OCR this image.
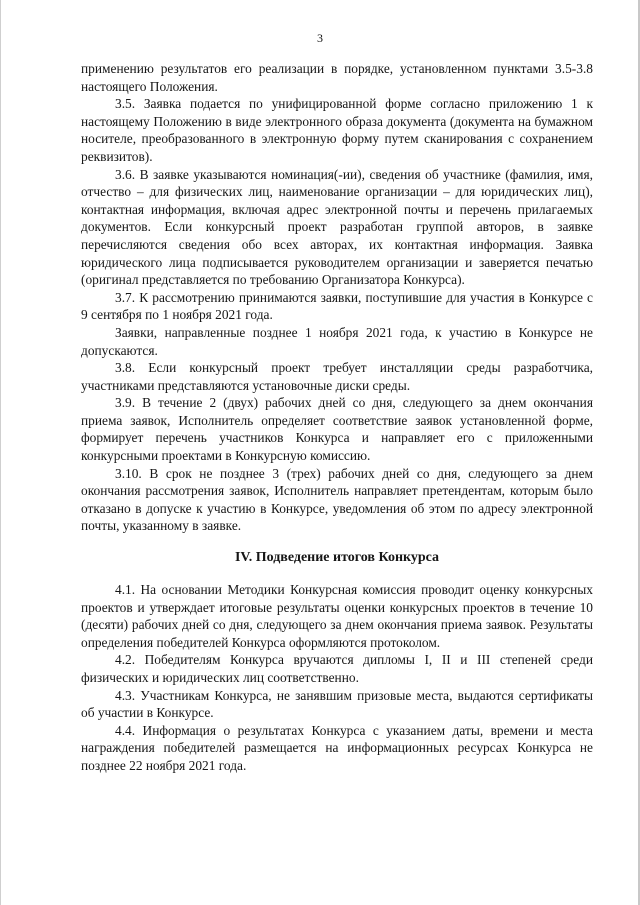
3

применению результатов его реализации в порядке, установленном пунктами 3.5-3.8 настоящего Положения.

3.5. Заявка подается по унифицированной форме согласно приложению 1 к настоящему Положению в виде электронного образа документа (документа на бумажном носителе, преобразованного в электронную форму путем сканирования с сохранением реквизитов).

3.6. В заявке указываются номинация(-ии), сведения об участнике (фамилия, имя, отчество – для физических лиц, наименование организации – для юридических лиц), контактная информация, включая адрес электронной почты и перечень прилагаемых документов. Если конкурсный проект разработан группой авторов, в заявке перечисляются сведения обо всех авторах, их контактная информация. Заявка юридического лица подписывается руководителем организации и заверяется печатью (оригинал представляется по требованию Организатора Конкурса).

3.7. К рассмотрению принимаются заявки, поступившие для участия в Конкурсе с 9 сентября по 1 ноября 2021 года.

Заявки, направленные позднее 1 ноября 2021 года, к участию в Конкурсе не допускаются.

3.8. Если конкурсный проект требует инсталляции среды разработчика, участниками представляются установочные диски среды.

3.9. В течение 2 (двух) рабочих дней со дня, следующего за днем окончания приема заявок, Исполнитель определяет соответствие заявок установленной форме, формирует перечень участников Конкурса и направляет его с приложенными конкурсными проектами в Конкурсную комиссию.

3.10. В срок не позднее 3 (трех) рабочих дней со дня, следующего за днем окончания рассмотрения заявок, Исполнитель направляет претендентам, которым было отказано в допуске к участию в Конкурсе, уведомления об этом по адресу электронной почты, указанному в заявке.

IV. Подведение итогов Конкурса

4.1. На основании Методики Конкурсная комиссия проводит оценку конкурсных проектов и утверждает итоговые результаты оценки конкурсных проектов в течение 10 (десяти) рабочих дней со дня, следующего за днем окончания приема заявок. Результаты определения победителей Конкурса оформляются протоколом.

4.2. Победителям Конкурса вручаются дипломы I, II и III степеней среди физических и юридических лиц соответственно.

4.3. Участникам Конкурса, не занявшим призовые места, выдаются сертификаты об участии в Конкурсе.

4.4. Информация о результатах Конкурса с указанием даты, времени и места награждения победителей размещается на информационных ресурсах Конкурса не позднее 22 ноября 2021 года.
